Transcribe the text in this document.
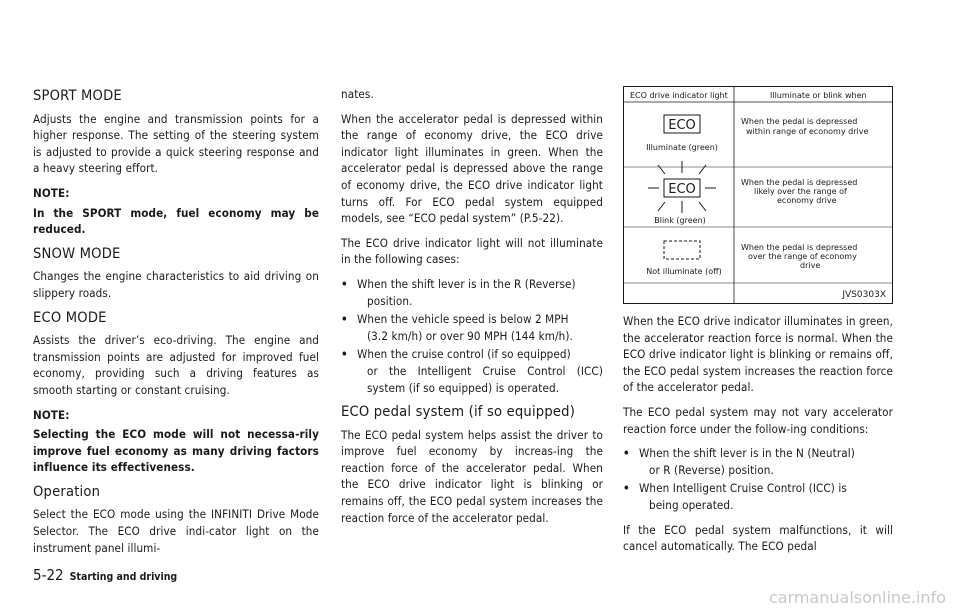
SPORT MODE

Adjusts the engine and transmission points for a higher response. The setting of the steering system is adjusted to provide a quick steering response and a heavy steering effort.

NOTE:

In the SPORT mode, fuel economy may be reduced.

SNOW MODE

Changes the engine characteristics to aid driving on slippery roads.

ECO MODE

Assists the driver’s eco-driving. The engine and transmission points are adjusted for improved fuel economy, providing such a driving features as smooth starting or constant cruising.

NOTE:

Selecting the ECO mode will not necessa-rily improve fuel economy as many driving factors influence its effectiveness.

Operation

Select the ECO mode using the INFINITI Drive Mode Selector. The ECO drive indi-cator light on the instrument panel illumi-

nates.

When the accelerator pedal is depressed within the range of economy drive, the ECO drive indicator light illuminates in green. When the accelerator pedal is depressed above the range of economy drive, the ECO drive indicator light turns off. For ECO pedal system equipped models, see “ECO pedal system” (P.5-22).

The ECO drive indicator light will not illuminate in the following cases:

• When the shift lever is in the R (Reverse)
position.
• When the vehicle speed is below 2 MPH
(3.2 km/h) or over 90 MPH (144 km/h).
• When the cruise control (if so equipped)
or the Intelligent Cruise Control (ICC) system (if so equipped) is operated.
ECO pedal system (if so equipped)

The ECO pedal system helps assist the driver to improve fuel economy by increas-ing the reaction force of the accelerator pedal. When the ECO drive indicator light is blinking or remains off, the ECO pedal system increases the reaction force of the accelerator pedal.

ECO drive indicator light	Illuminate or blink when
ECO
Illuminate (green)
When the pedal is depressed
within range of economy drive
ECO
Blink (green)
When the pedal is depressed
likely over the range of
economy drive
Not illuminate (off)
When the pedal is depressed
over the range of economy
drive
JVS0303X

When the ECO drive indicator illuminates in green, the accelerator reaction force is normal. When the ECO drive indicator light is blinking or remains off, the ECO pedal system increases the reaction force of the accelerator pedal.

The ECO pedal system may not vary accelerator reaction force under the follow-ing conditions:

• When the shift lever is in the N (Neutral)
or R (Reverse) position.
• When Intelligent Cruise Control (ICC) is
being operated.

If the ECO pedal system malfunctions, it will cancel automatically. The ECO pedal

5-22 Starting and driving
carmanualsonline.info
